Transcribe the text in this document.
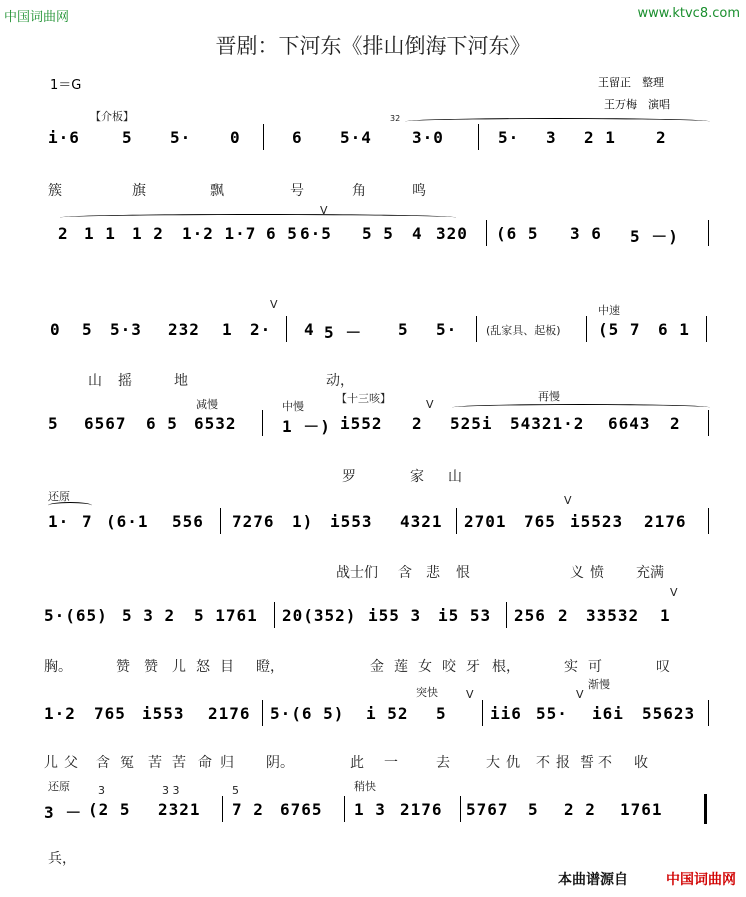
中国词曲网	www.ktvc8.com
晋剧：下河东《排山倒海下河东》
1＝G	王留正　整理
王万梅　演唱
【介板】	3̇2̇
i·6	5 5· 0	6 5·4	3·0	5· 3 2 1	2
簇	旗	飘	号	角	鸣
V
2 1 1 1 2 1·2 1·7 6 5 6·5 5 5 4 320 (6 5 3 6 5 －)
V
(乱家具、起板)
中速
0 5 5·3 232 1 2· 4 5 － 5 5·	(5 7 6 1
山 摇	地	动，
减慢	中慢
【十三咳】	V
再慢
5 6567 6 5 6532	1 －) i552 2 525i 54321·2 6643 2
罗	家 山
还原	V
1· 7 (6·1 556 7276 1) i553 4321 2701 765 i5523 2176
战士们 含 悲 恨	义 愤 充满
V
5·(65) 5 3 2 5 1761 20(352) i55 3 i5 53 256 2 33532 1
胸。	赞 赞 儿 怒 目 瞪，	金 莲 女 咬 牙 根，	实 可	叹
突快	V
渐慢
V
1·2 765 i553 2176 5·(6 5) i 52 5	ii6 55· i6i 55623
儿 父 含 冤 苦 苦 命 归 阴。	此 一	去	大 仇 不 报 誓 不 收
还原	3	3 3	5	稍快
3 － (2 5 2321 7 2 6765 1 3 2176 5767 5 2 2 1761
兵，
本曲谱源自	中国词曲网
